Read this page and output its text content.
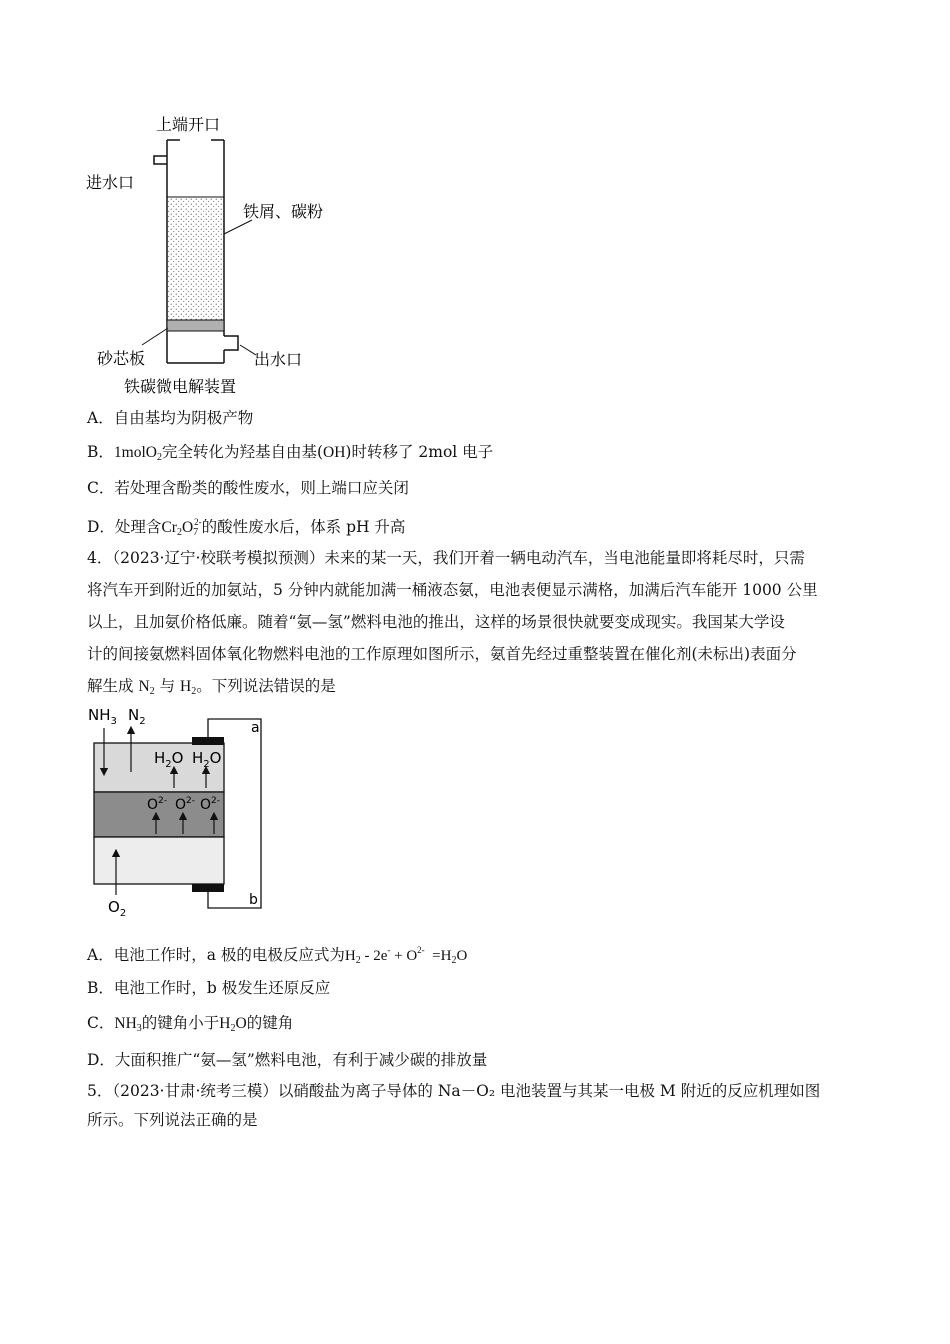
上端开口
进水口
铁屑、碳粉
砂芯板	出水口
铁碳微电解装置
A．自由基均为阴极产物
B．1molO$_2$完全转化为羟基自由基(OH)时转移了 2mol 电子
C．若处理含酚类的酸性废水，则上端口应关闭
D．处理含$Cr_2O_7^{2-}$的酸性废水后，体系 pH 升高
4．（2023·辽宁·校联考模拟预测）未来的某一天，我们开着一辆电动汽车，当电池能量即将耗尽时，只需
将汽车开到附近的加氨站，5 分钟内就能加满一桶液态氨，电池表便显示满格，加满后汽车能开 1000 公里
以上，且加氨价格低廉。随着“氨—氢”燃料电池的推出，这样的场景很快就要变成现实。我国某大学设
计的间接氨燃料固体氧化物燃料电池的工作原理如图所示，氨首先经过重整装置在催化剂(未标出)表面分
解生成 $N_2$ 与 $H_2$。下列说法错误的是
a
b
$NH_3$ $N_2$
$H_2O$ $H_2O$
$O^{2-}$ $O^{2-}$ $O^{2-}$
$O_2$
A．电池工作时，a 极的电极反应式为$H_2 - 2e^- + O^{2-} =H_2O$
B．电池工作时，b 极发生还原反应
C．$NH_3$的键角小于$H_2O$的键角
D．大面积推广“氨—氢”燃料电池，有利于减少碳的排放量
5．（2023·甘肃·统考三模）以硝酸盐为离子导体的 Na－O₂ 电池装置与其某一电极 M 附近的反应机理如图
所示。下列说法正确的是
